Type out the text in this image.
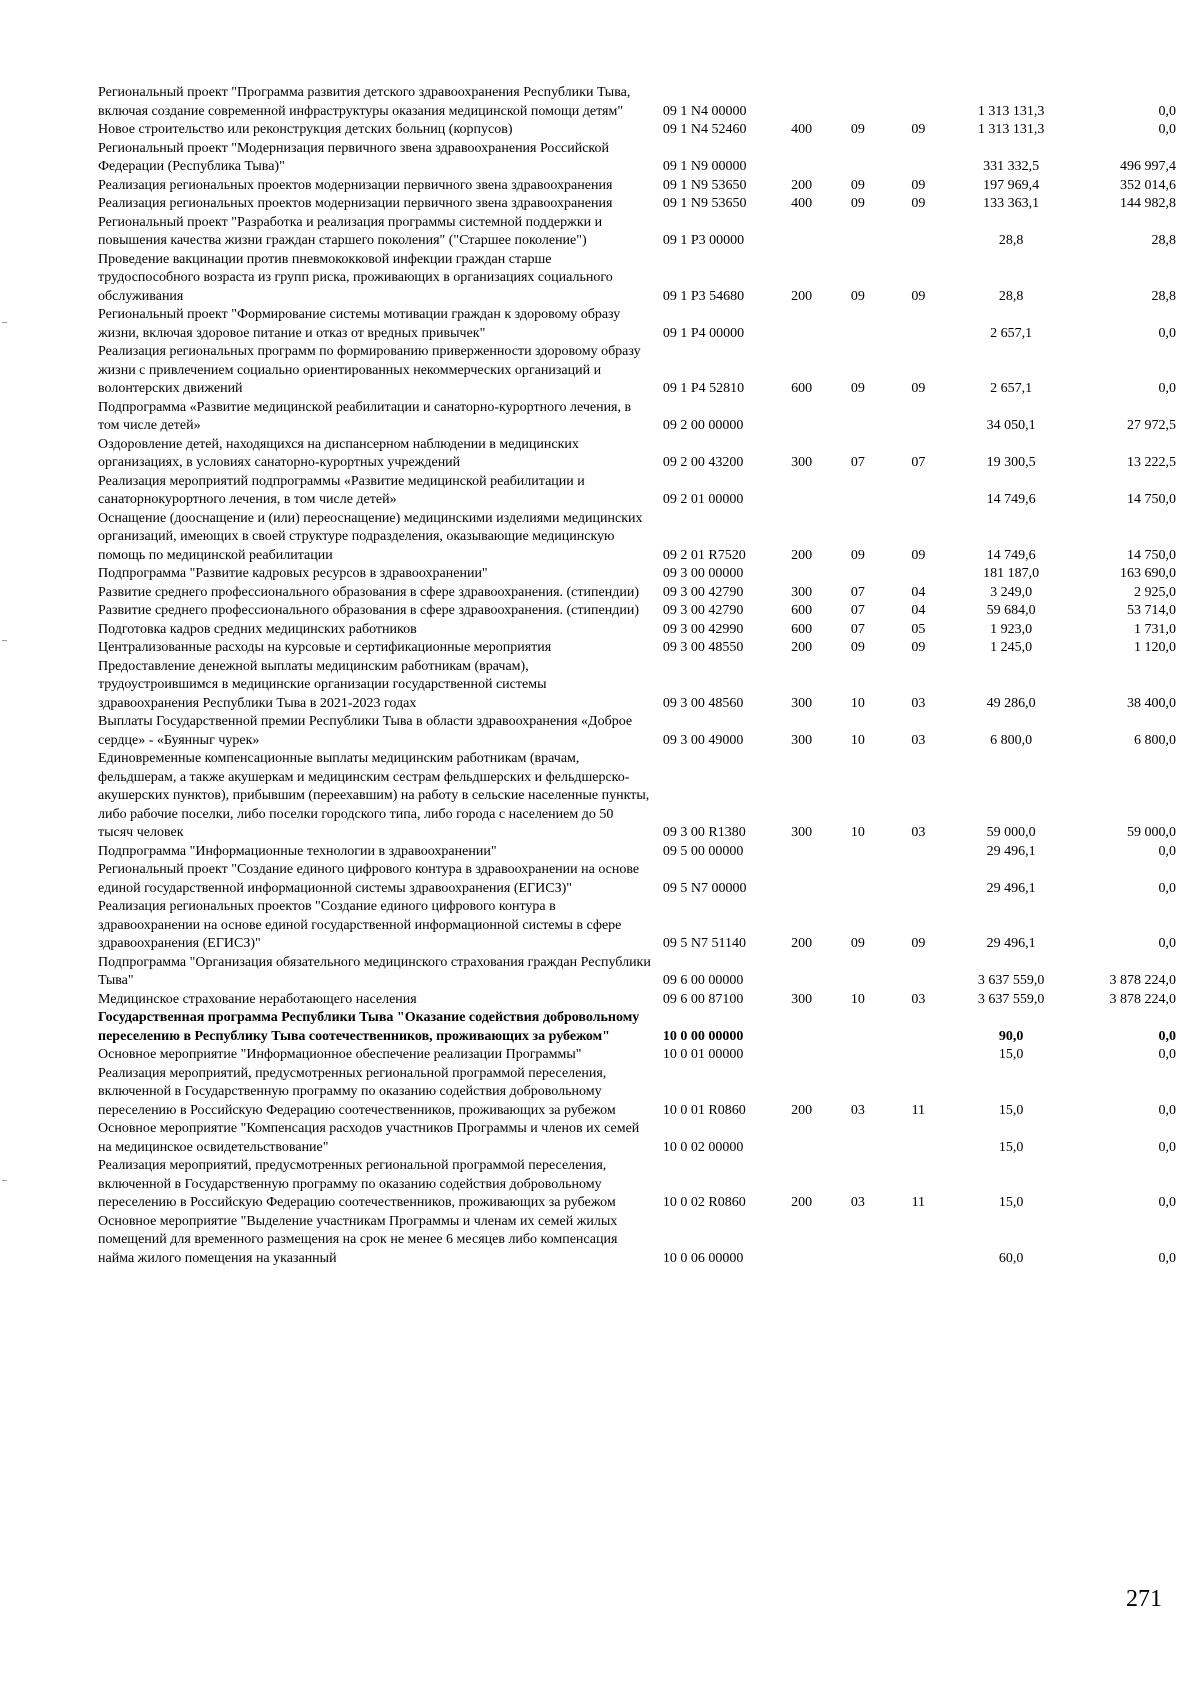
Региональный проект "Программа развития детского здравоохранения Республики Тыва, включая создание современной инфраструктуры оказания медицинской помощи детям"	09 1 N4 00000				1 313 131,3	0,0
Новое строительство или реконструкция детских больниц (корпусов)	09 1 N4 52460	400	09	09	1 313 131,3	0,0
Региональный проект "Модернизация первичного звена здравоохранения Российской Федерации (Республика Тыва)"	09 1 N9 00000				331 332,5	496 997,4
Реализация региональных проектов модернизации первичного звена здравоохранения	09 1 N9 53650	200	09	09	197 969,4	352 014,6
Реализация региональных проектов модернизации первичного звена здравоохранения	09 1 N9 53650	400	09	09	133 363,1	144 982,8
Региональный проект "Разработка и реализация программы системной поддержки и повышения качества жизни граждан старшего поколения" ("Старшее поколение")	09 1 P3 00000				28,8	28,8
Проведение вакцинации против пневмококковой инфекции граждан старше трудоспособного возраста из групп риска, проживающих в организациях социального обслуживания	09 1 P3 54680	200	09	09	28,8	28,8
Региональный проект "Формирование системы мотивации граждан к здоровому образу жизни, включая здоровое питание и отказ от вредных привычек"	09 1 P4 00000				2 657,1	0,0
Реализация региональных программ по формированию приверженности здоровому образу жизни с привлечением социально ориентированных некоммерческих организаций и волонтерских движений	09 1 P4 52810	600	09	09	2 657,1	0,0
Подпрограмма «Развитие медицинской реабилитации и санаторно-курортного лечения, в том числе детей»	09 2 00 00000				34 050,1	27 972,5
Оздоровление детей, находящихся на диспансерном наблюдении в медицинских организациях, в условиях санаторно-курортных учреждений	09 2 00 43200	300	07	07	19 300,5	13 222,5
Реализация мероприятий подпрограммы «Развитие медицинской реабилитации и санаторнокурортного лечения, в том числе детей»	09 2 01 00000				14 749,6	14 750,0
Оснащение (дооснащение и (или) переоснащение) медицинскими изделиями медицинских организаций, имеющих в своей структуре подразделения, оказывающие медицинскую помощь по медицинской реабилитации	09 2 01 R7520	200	09	09	14 749,6	14 750,0
Подпрограмма "Развитие кадровых ресурсов в здравоохранении"	09 3 00 00000				181 187,0	163 690,0
Развитие среднего профессионального образования в сфере здравоохранения. (стипендии)	09 3 00 42790	300	07	04	3 249,0	2 925,0
Развитие среднего профессионального образования в сфере здравоохранения. (стипендии)	09 3 00 42790	600	07	04	59 684,0	53 714,0
Подготовка кадров средних медицинских работников	09 3 00 42990	600	07	05	1 923,0	1 731,0
Централизованные расходы на курсовые и сертификационные мероприятия	09 3 00 48550	200	09	09	1 245,0	1 120,0
Предоставление денежной выплаты медицинским работникам (врачам), трудоустроившимся в медицинские организации государственной системы здравоохранения Республики Тыва в 2021-2023 годах	09 3 00 48560	300	10	03	49 286,0	38 400,0
Выплаты Государственной премии Республики Тыва в области здравоохранения «Доброе сердце» - «Буянныг чурек»	09 3 00 49000	300	10	03	6 800,0	6 800,0
Единовременные компенсационные выплаты медицинским работникам (врачам, фельдшерам, а также акушеркам и медицинским сестрам фельдшерских и фельдшерско-акушерских пунктов), прибывшим (переехавшим) на работу в сельские населенные пункты, либо рабочие поселки, либо поселки городского типа, либо города с населением до 50 тысяч человек	09 3 00 R1380	300	10	03	59 000,0	59 000,0
Подпрограмма "Информационные технологии в здравоохранении"	09 5 00 00000				29 496,1	0,0
Региональный проект "Создание единого цифрового контура в здравоохранении на основе единой государственной информационной системы здравоохранения (ЕГИСЗ)"	09 5 N7 00000				29 496,1	0,0
Реализация региональных проектов "Создание единого цифрового контура в здравоохранении на основе единой государственной информационной системы в сфере здравоохранения (ЕГИСЗ)"	09 5 N7 51140	200	09	09	29 496,1	0,0
Подпрограмма "Организация обязательного медицинского страхования граждан Республики Тыва"	09 6 00 00000				3 637 559,0	3 878 224,0
Медицинское страхование неработающего населения	09 6 00 87100	300	10	03	3 637 559,0	3 878 224,0
Государственная программа Республики Тыва "Оказание содействия добровольному переселению в Республику Тыва соотечественников, проживающих за рубежом"	10 0 00 00000				90,0	0,0
Основное мероприятие "Информационное обеспечение реализации Программы"	10 0 01 00000				15,0	0,0
Реализация мероприятий, предусмотренных региональной программой переселения, включенной в Государственную программу по оказанию содействия добровольному переселению в Российскую Федерацию соотечественников, проживающих за рубежом	10 0 01 R0860	200	03	11	15,0	0,0
Основное мероприятие "Компенсация расходов участников Программы и членов их семей на медицинское освидетельствование"	10 0 02 00000				15,0	0,0
Реализация мероприятий, предусмотренных региональной программой переселения, включенной в Государственную программу по оказанию содействия добровольному переселению в Российскую Федерацию соотечественников, проживающих за рубежом	10 0 02 R0860	200	03	11	15,0	0,0
Основное мероприятие "Выделение участникам Программы и членам их семей жилых помещений для временного размещения на срок не менее 6 месяцев либо компенсация найма жилого помещения на указанный	10 0 06 00000				60,0	0,0
271
